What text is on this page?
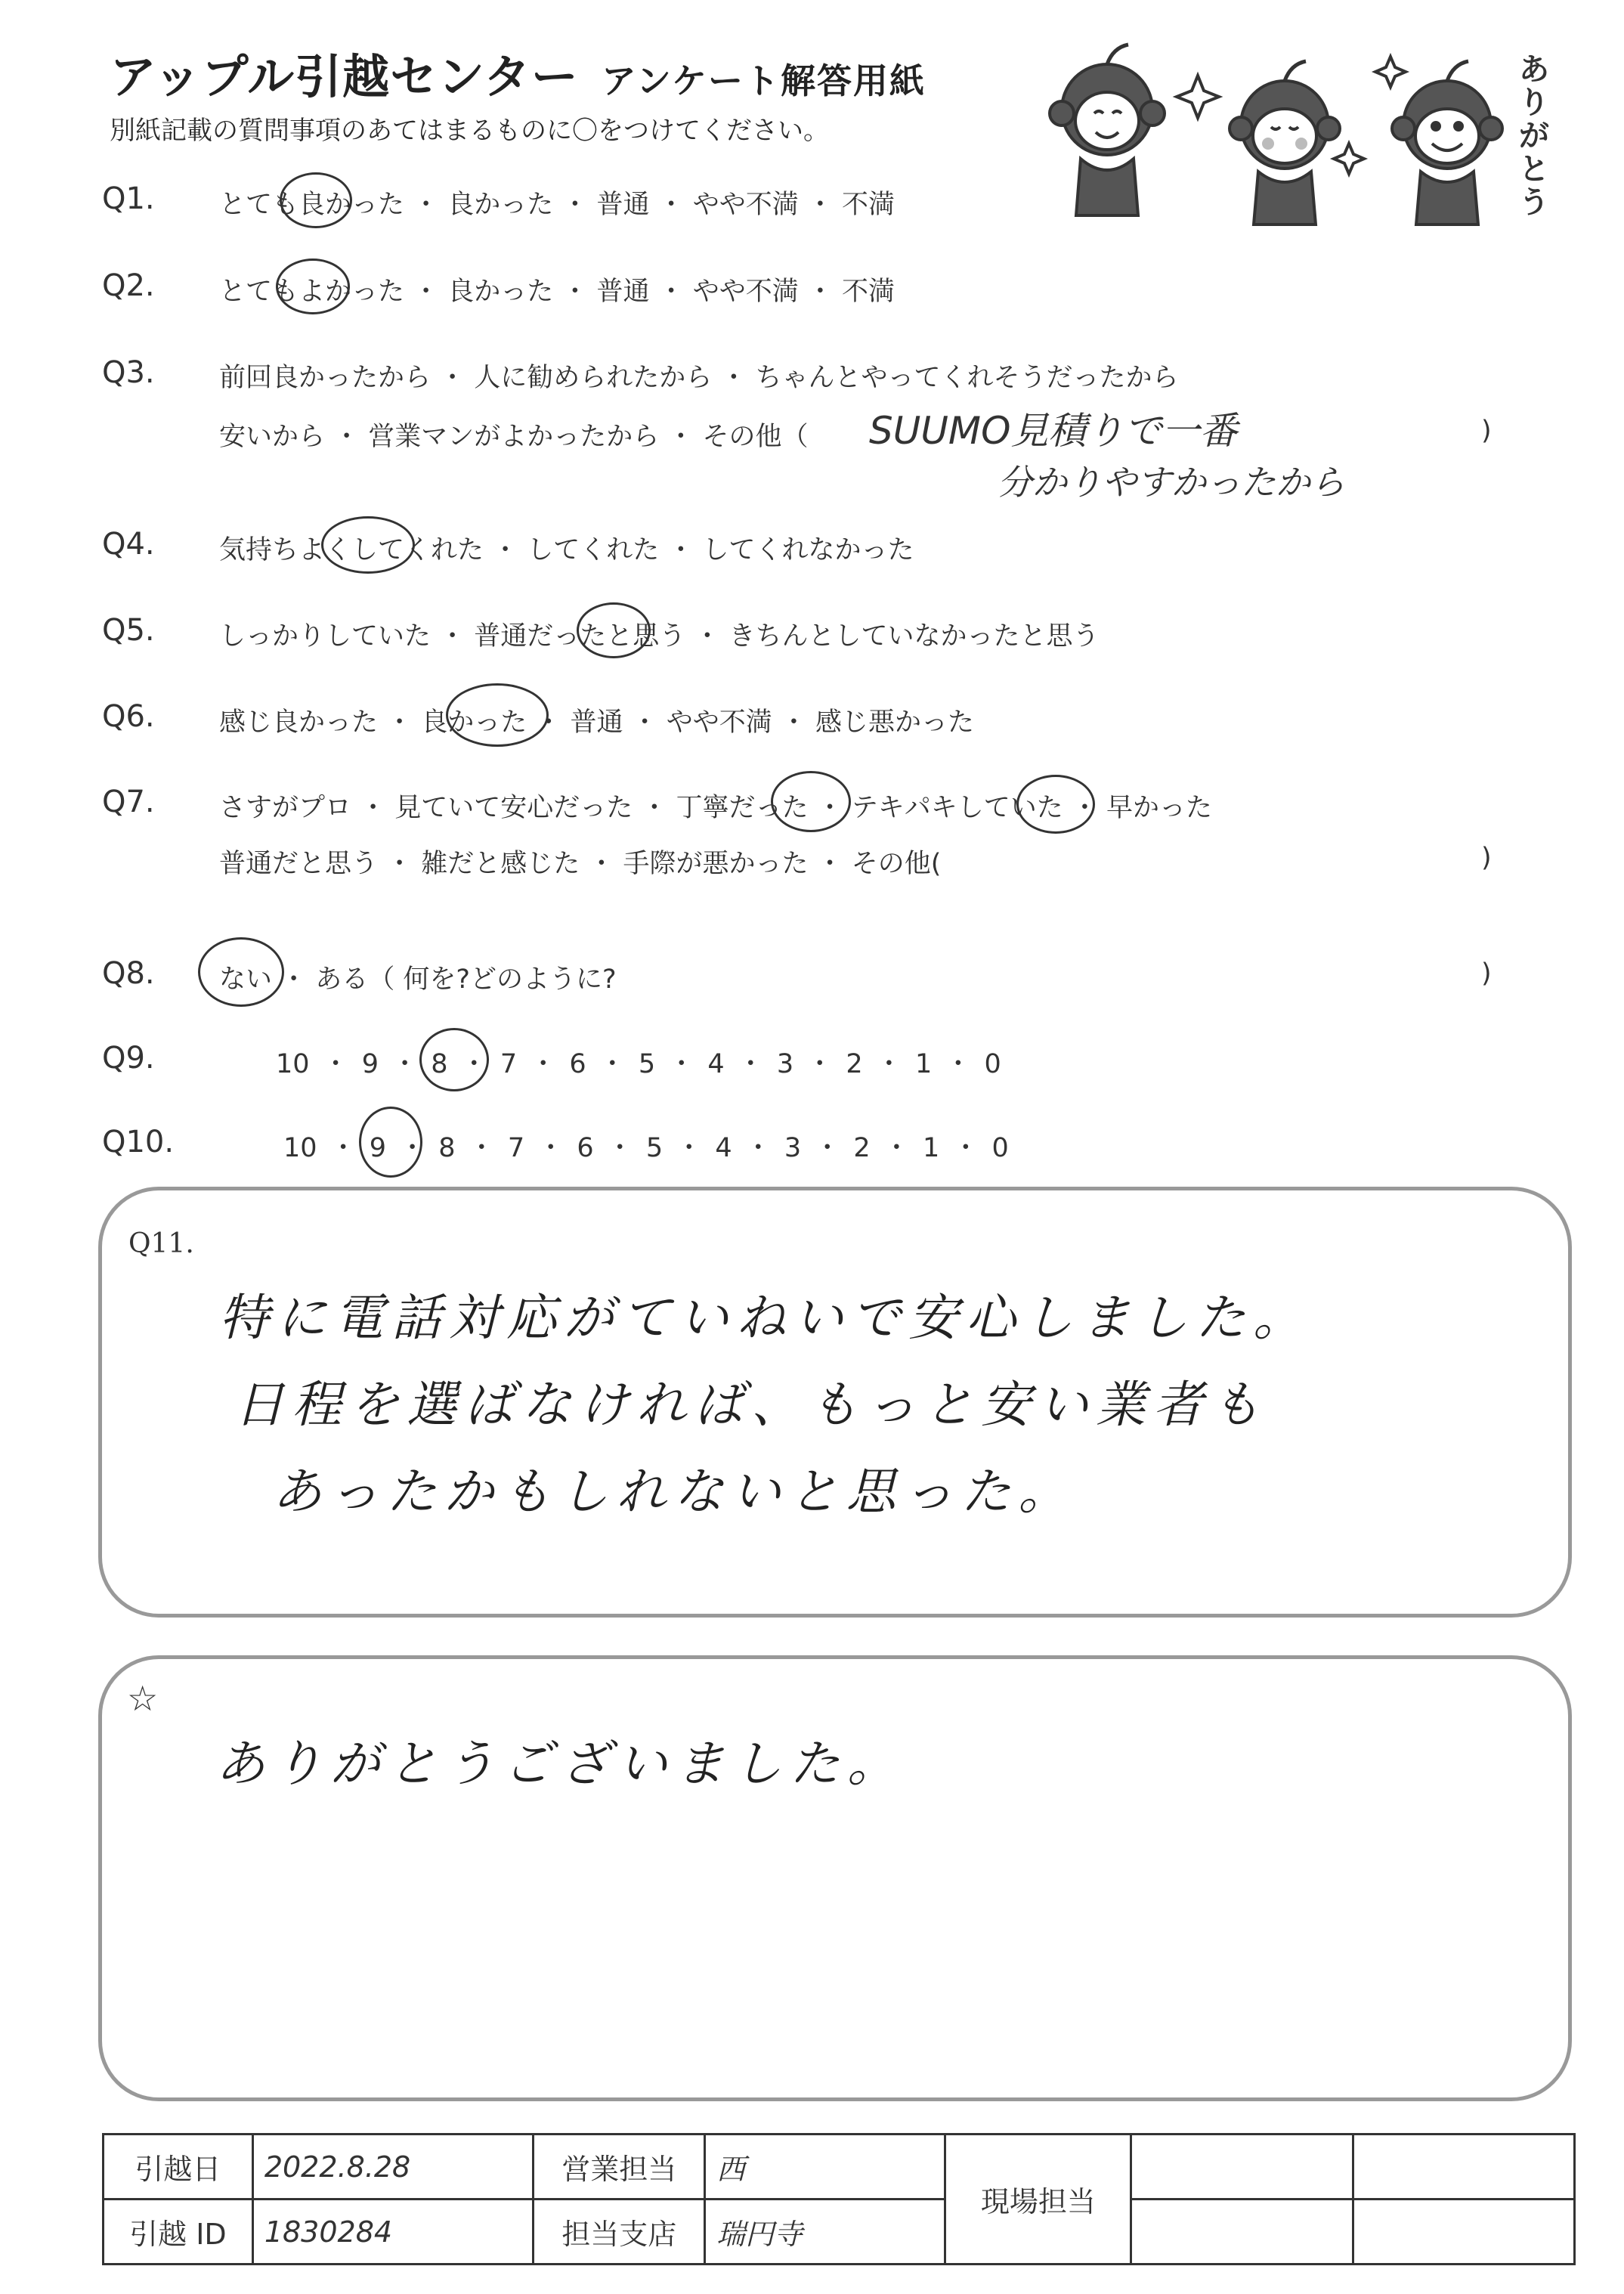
アップル引越センター アンケート解答用紙
別紙記載の質問事項のあてはまるものに〇をつけてください。
ありがとう
Q1. とても良かった ・ 良かった ・ 普通 ・ やや不満 ・ 不満
Q2. とてもよかった ・ 良かった ・ 普通 ・ やや不満 ・ 不満
Q3. 前回良かったから ・ 人に勧められたから ・ ちゃんとやってくれそうだったから
安いから ・ 営業マンがよかったから ・ その他（ SUUMO見積りで一番
分かりやすかったから
)
Q4. 気持ちよくしてくれた ・ してくれた ・ してくれなかった
Q5. しっかりしていた ・ 普通だったと思う ・ きちんとしていなかったと思う
Q6. 感じ良かった ・ 良かった ・ 普通 ・ やや不満 ・ 感じ悪かった
Q7. さすがプロ ・ 見ていて安心だった ・ 丁寧だった ・ テキパキしていた ・ 早かった
普通だと思う ・ 雑だと感じた ・ 手際が悪かった ・ その他(	)
Q8. ない ・ ある（ 何を?どのように?	)
Q9.	10 ・ 9 ・ 8 ・ 7 ・ 6 ・ 5 ・ 4 ・ 3 ・ 2 ・ 1 ・ 0
Q10.	10 ・ 9 ・ 8 ・ 7 ・ 6 ・ 5 ・ 4 ・ 3 ・ 2 ・ 1 ・ 0
Q11.
特に電話対応がていねいで安心しました。
日程を選ばなければ、もっと安い業者も
あったかもしれないと思った。
☆
ありがとうございました。
引越日	2022.8.28	営業担当	西	現場担当		
引越 ID	1830284	担当支店	瑞円寺			
